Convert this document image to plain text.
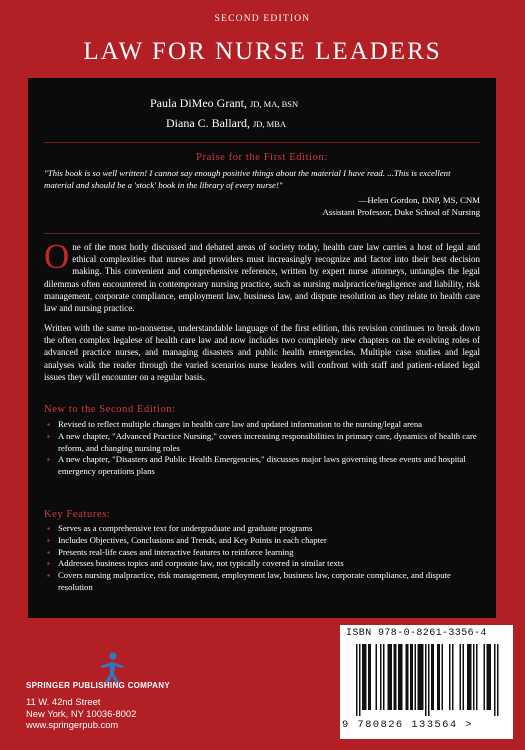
SECOND EDITION
LAW FOR NURSE LEADERS
Paula DiMeo Grant, JD, MA, BSN
Diana C. Ballard, JD, MBA
Praise for the First Edition:
"This book is so well written! I cannot say enough positive things about the material I have read. ...This is excellent material and should be a 'stock' book in the library of every nurse!"
—Helen Gordon, DNP, MS, CNM
Assistant Professor, Duke School of Nursing
One of the most hotly discussed and debated areas of society today, health care law carries a host of legal and ethical complexities that nurses and providers must increasingly recognize and factor into their best decision making. This convenient and comprehensive reference, written by expert nurse attorneys, untangles the legal dilemmas often encountered in contemporary nursing practice, such as nursing malpractice/negligence and liability, risk management, corporate compliance, employment law, business law, and dispute resolution as they relate to health care law and nursing practice.
Written with the same no-nonsense, understandable language of the first edition, this revision continues to break down the often complex legalese of health care law and now includes two completely new chapters on the evolving roles of advanced practice nurses, and managing disasters and public health emergencies. Multiple case studies and legal analyses walk the reader through the varied scenarios nurse leaders will confront with staff and patient-related legal issues they will encounter on a regular basis.
New to the Second Edition:
▪ Revised to reflect multiple changes in health care law and updated information to the nursing/legal arena
▪ A new chapter, "Advanced Practice Nursing," covers increasing responsibilities in primary care, dynamics of health care reform, and changing nursing roles
▪ A new chapter, "Disasters and Public Health Emergencies," discusses major laws governing these events and hospital emergency operations plans
Key Features:
▪ Serves as a comprehensive text for undergraduate and graduate programs
▪ Includes Objectives, Conclusions and Trends, and Key Points in each chapter
▪ Presents real-life cases and interactive features to reinforce learning
▪ Addresses business topics and corporate law, not typically covered in similar texts
▪ Covers nursing malpractice, risk management, employment law, business law, corporate compliance, and dispute resolution
SPRINGER PUBLISHING COMPANY
11 W. 42nd Street
New York, NY 10036-8002
www.springerpub.com
ISBN 978-0-8261-3356-4
9 780826 133564 >
